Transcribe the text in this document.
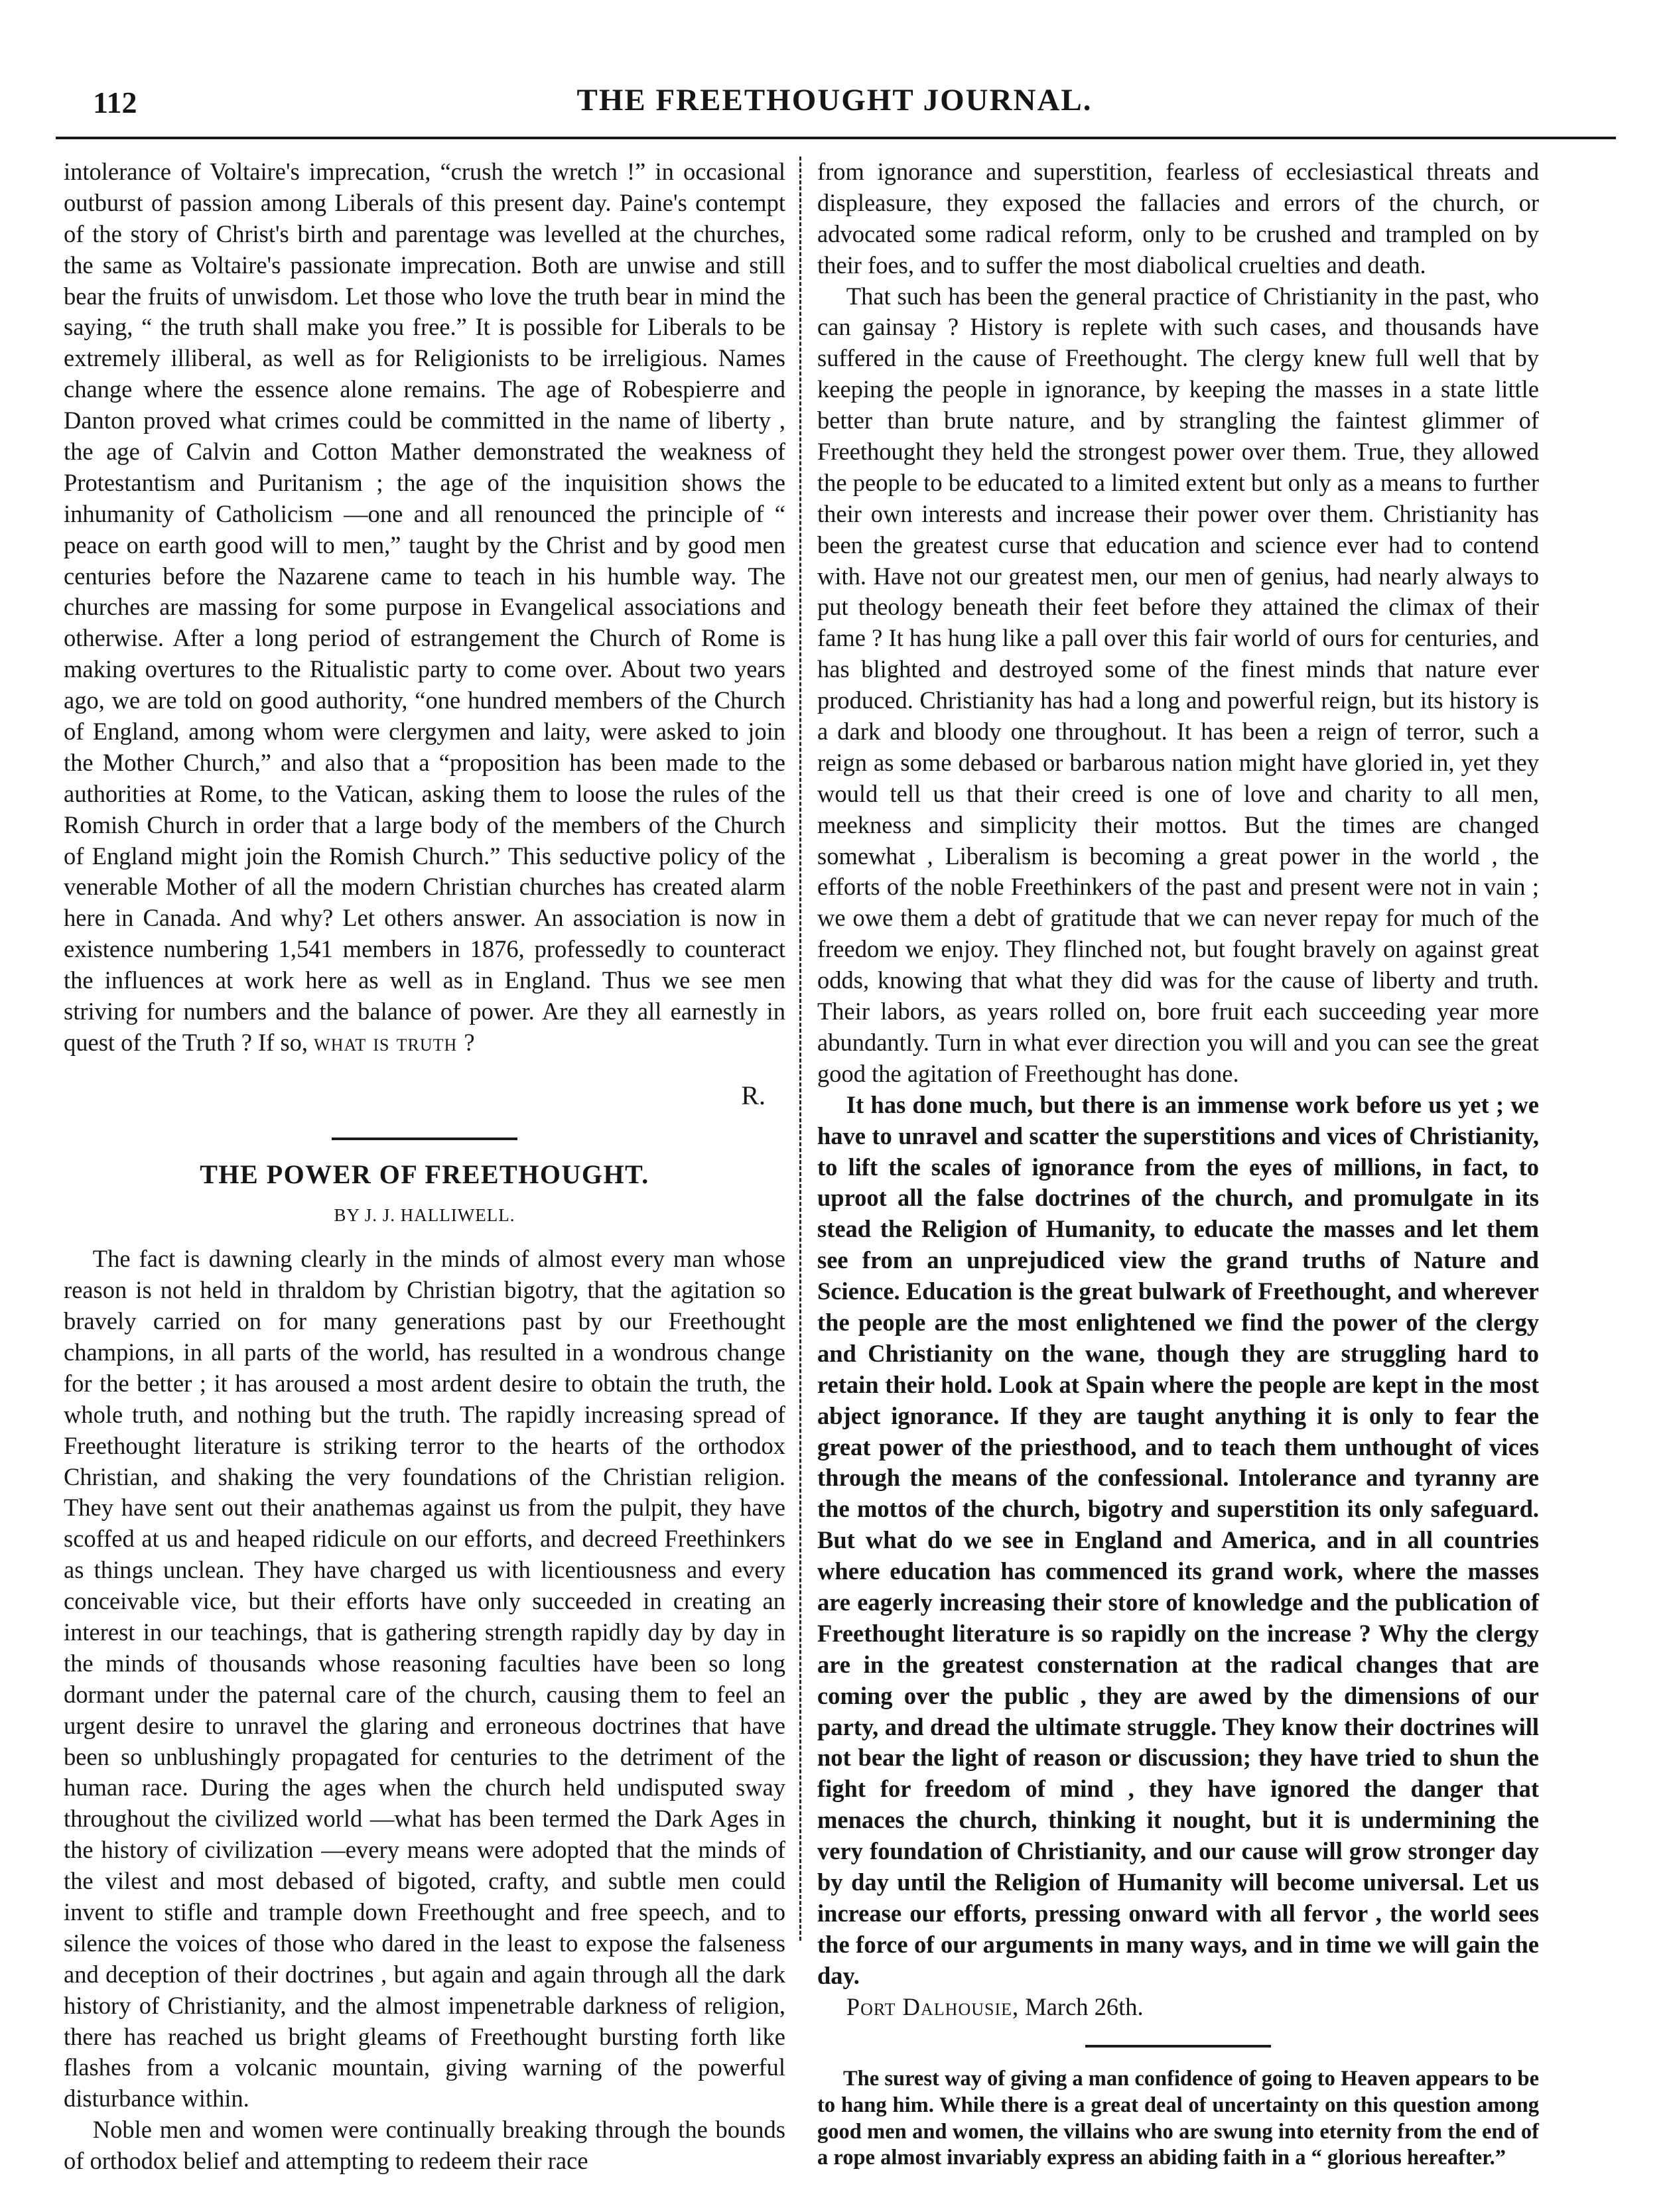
112	THE FREETHOUGHT JOURNAL.

intolerance of Voltaire's imprecation, “crush the wretch !” in occasional outburst of passion among Liberals of this present day. Paine's contempt of the story of Christ's birth and parentage was levelled at the churches, the same as Voltaire's passionate imprecation. Both are unwise and still bear the fruits of unwisdom. Let those who love the truth bear in mind the saying, “ the truth shall make you free.” It is possible for Liberals to be extremely illiberal, as well as for Religionists to be irreligious. Names change where the essence alone remains. The age of Robespierre and Danton proved what crimes could be committed in the name of liberty , the age of Calvin and Cotton Mather demonstrated the weakness of Protestantism and Puritanism ; the age of the inquisition shows the inhumanity of Catholicism —one and all renounced the principle of “ peace on earth good will to men,” taught by the Christ and by good men centuries before the Nazarene came to teach in his humble way. The churches are massing for some purpose in Evangelical associations and otherwise. After a long period of estrangement the Church of Rome is making overtures to the Ritualistic party to come over. About two years ago, we are told on good authority, “one hundred members of the Church of England, among whom were clergymen and laity, were asked to join the Mother Church,” and also that a “proposition has been made to the authorities at Rome, to the Vatican, asking them to loose the rules of the Romish Church in order that a large body of the members of the Church of England might join the Romish Church.” This seductive policy of the venerable Mother of all the modern Christian churches has created alarm here in Canada. And why? Let others answer. An association is now in existence numbering 1,541 members in 1876, professedly to counteract the influences at work here as well as in England. Thus we see men striving for numbers and the balance of power. Are they all earnestly in quest of the Truth ? If so, what is truth ?

R.
THE POWER OF FREETHOUGHT.
BY J. J. HALLIWELL.

The fact is dawning clearly in the minds of almost every man whose reason is not held in thraldom by Christian bigotry, that the agitation so bravely carried on for many generations past by our Freethought champions, in all parts of the world, has resulted in a wondrous change for the better ; it has aroused a most ardent desire to obtain the truth, the whole truth, and nothing but the truth. The rapidly increasing spread of Freethought literature is striking terror to the hearts of the orthodox Christian, and shaking the very foundations of the Christian religion. They have sent out their anathemas against us from the pulpit, they have scoffed at us and heaped ridicule on our efforts, and decreed Freethinkers as things unclean. They have charged us with licentiousness and every conceivable vice, but their efforts have only succeeded in creating an interest in our teachings, that is gathering strength rapidly day by day in the minds of thousands whose reasoning faculties have been so long dormant under the paternal care of the church, causing them to feel an urgent desire to unravel the glaring and erroneous doctrines that have been so unblushingly propagated for centuries to the detriment of the human race. During the ages when the church held undisputed sway throughout the civilized world —what has been termed the Dark Ages in the history of civilization —every means were adopted that the minds of the vilest and most debased of bigoted, crafty, and subtle men could invent to stifle and trample down Freethought and free speech, and to silence the voices of those who dared in the least to expose the falseness and deception of their doctrines , but again and again through all the dark history of Christianity, and the almost impenetrable darkness of religion, there has reached us bright gleams of Freethought bursting forth like flashes from a volcanic mountain, giving warning of the powerful disturbance within.

Noble men and women were continually breaking through the bounds of orthodox belief and attempting to redeem their race

from ignorance and superstition, fearless of ecclesiastical threats and displeasure, they exposed the fallacies and errors of the church, or advocated some radical reform, only to be crushed and trampled on by their foes, and to suffer the most diabolical cruelties and death.

That such has been the general practice of Christianity in the past, who can gainsay ? History is replete with such cases, and thousands have suffered in the cause of Freethought. The clergy knew full well that by keeping the people in ignorance, by keeping the masses in a state little better than brute nature, and by strangling the faintest glimmer of Freethought they held the strongest power over them. True, they allowed the people to be educated to a limited extent but only as a means to further their own interests and increase their power over them. Christianity has been the greatest curse that education and science ever had to contend with. Have not our greatest men, our men of genius, had nearly always to put theology beneath their feet before they attained the climax of their fame ? It has hung like a pall over this fair world of ours for centuries, and has blighted and destroyed some of the finest minds that nature ever produced. Christianity has had a long and powerful reign, but its history is a dark and bloody one throughout. It has been a reign of terror, such a reign as some debased or barbarous nation might have gloried in, yet they would tell us that their creed is one of love and charity to all men, meekness and simplicity their mottos. But the times are changed somewhat , Liberalism is becoming a great power in the world , the efforts of the noble Freethinkers of the past and present were not in vain ; we owe them a debt of gratitude that we can never repay for much of the freedom we enjoy. They flinched not, but fought bravely on against great odds, knowing that what they did was for the cause of liberty and truth. Their labors, as years rolled on, bore fruit each succeeding year more abundantly. Turn in what ever direction you will and you can see the great good the agitation of Freethought has done.

It has done much, but there is an immense work before us yet ; we have to unravel and scatter the superstitions and vices of Christianity, to lift the scales of ignorance from the eyes of millions, in fact, to uproot all the false doctrines of the church, and promulgate in its stead the Religion of Humanity, to educate the masses and let them see from an unprejudiced view the grand truths of Nature and Science. Education is the great bulwark of Freethought, and wherever the people are the most enlightened we find the power of the clergy and Christianity on the wane, though they are struggling hard to retain their hold. Look at Spain where the people are kept in the most abject ignorance. If they are taught anything it is only to fear the great power of the priesthood, and to teach them unthought of vices through the means of the confessional. Intolerance and tyranny are the mottos of the church, bigotry and superstition its only safeguard. But what do we see in England and America, and in all countries where education has commenced its grand work, where the masses are eagerly increasing their store of knowledge and the publication of Freethought literature is so rapidly on the increase ? Why the clergy are in the greatest consternation at the radical changes that are coming over the public , they are awed by the dimensions of our party, and dread the ultimate struggle. They know their doctrines will not bear the light of reason or discussion; they have tried to shun the fight for freedom of mind , they have ignored the danger that menaces the church, thinking it nought, but it is undermining the very foundation of Christianity, and our cause will grow stronger day by day until the Religion of Humanity will become universal. Let us increase our efforts, pressing onward with all fervor , the world sees the force of our arguments in many ways, and in time we will gain the day.

Port Dalhousie, March 26th.

The surest way of giving a man confidence of going to Heaven appears to be to hang him. While there is a great deal of uncertainty on this question among good men and women, the villains who are swung into eternity from the end of a rope almost invariably express an abiding faith in a “ glorious hereafter.”
